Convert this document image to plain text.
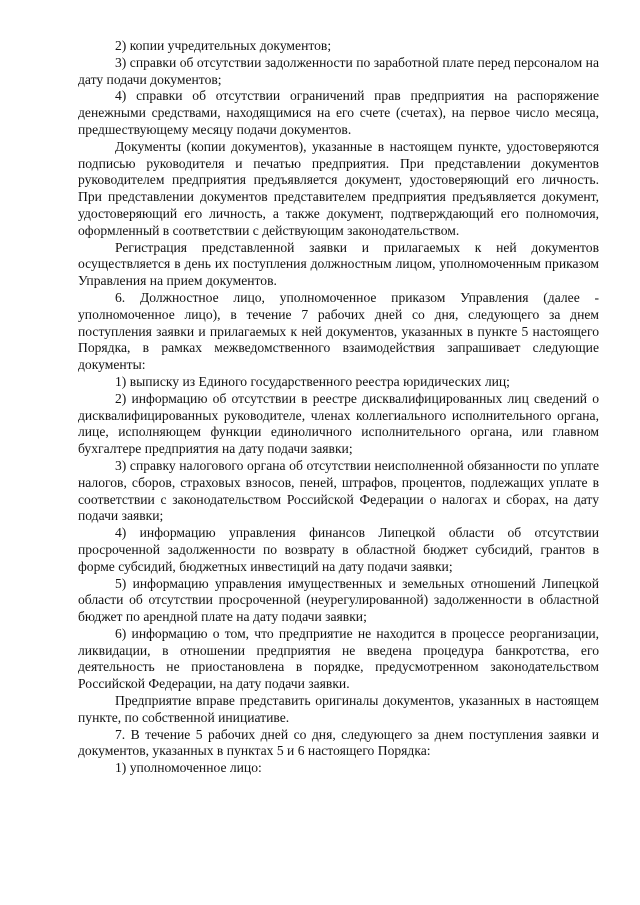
2) копии учредительных документов;

3) справки об отсутствии задолженности по заработной плате перед персоналом на дату подачи документов;

4) справки об отсутствии ограничений прав предприятия на распоряжение денежными средствами, находящимися на его счете (счетах), на первое число месяца, предшествующему месяцу подачи документов.

Документы (копии документов), указанные в настоящем пункте, удостоверяются подписью руководителя и печатью предприятия. При представлении документов руководителем предприятия предъявляется документ, удостоверяющий его личность. При представлении документов представителем предприятия предъявляется документ, удостоверяющий его личность, а также документ, подтверждающий его полномочия, оформленный в соответствии с действующим законодательством.

Регистрация представленной заявки и прилагаемых к ней документов осуществляется в день их поступления должностным лицом, уполномоченным приказом Управления на прием документов.

6. Должностное лицо, уполномоченное приказом Управления (далее - уполномоченное лицо), в течение 7 рабочих дней со дня, следующего за днем поступления заявки и прилагаемых к ней документов, указанных в пункте 5 настоящего Порядка, в рамках межведомственного взаимодействия запрашивает следующие документы:

1) выписку из Единого государственного реестра юридических лиц;

2) информацию об отсутствии в реестре дисквалифицированных лиц сведений о дисквалифицированных руководителе, членах коллегиального исполнительного органа, лице, исполняющем функции единоличного исполнительного органа, или главном бухгалтере предприятия на дату подачи заявки;

3) справку налогового органа об отсутствии неисполненной обязанности по уплате налогов, сборов, страховых взносов, пеней, штрафов, процентов, подлежащих уплате в соответствии с законодательством Российской Федерации о налогах и сборах, на дату подачи заявки;

4) информацию управления финансов Липецкой области об отсутствии просроченной задолженности по возврату в областной бюджет субсидий, грантов в форме субсидий, бюджетных инвестиций на дату подачи заявки;

5) информацию управления имущественных и земельных отношений Липецкой области об отсутствии просроченной (неурегулированной) задолженности в областной бюджет по арендной плате на дату подачи заявки;

6) информацию о том, что предприятие не находится в процессе реорганизации, ликвидации, в отношении предприятия не введена процедура банкротства, его деятельность не приостановлена в порядке, предусмотренном законодательством Российской Федерации, на дату подачи заявки.

Предприятие вправе представить оригиналы документов, указанных в настоящем пункте, по собственной инициативе.

7. В течение 5 рабочих дней со дня, следующего за днем поступления заявки и документов, указанных в пунктах 5 и 6 настоящего Порядка:

1) уполномоченное лицо:
